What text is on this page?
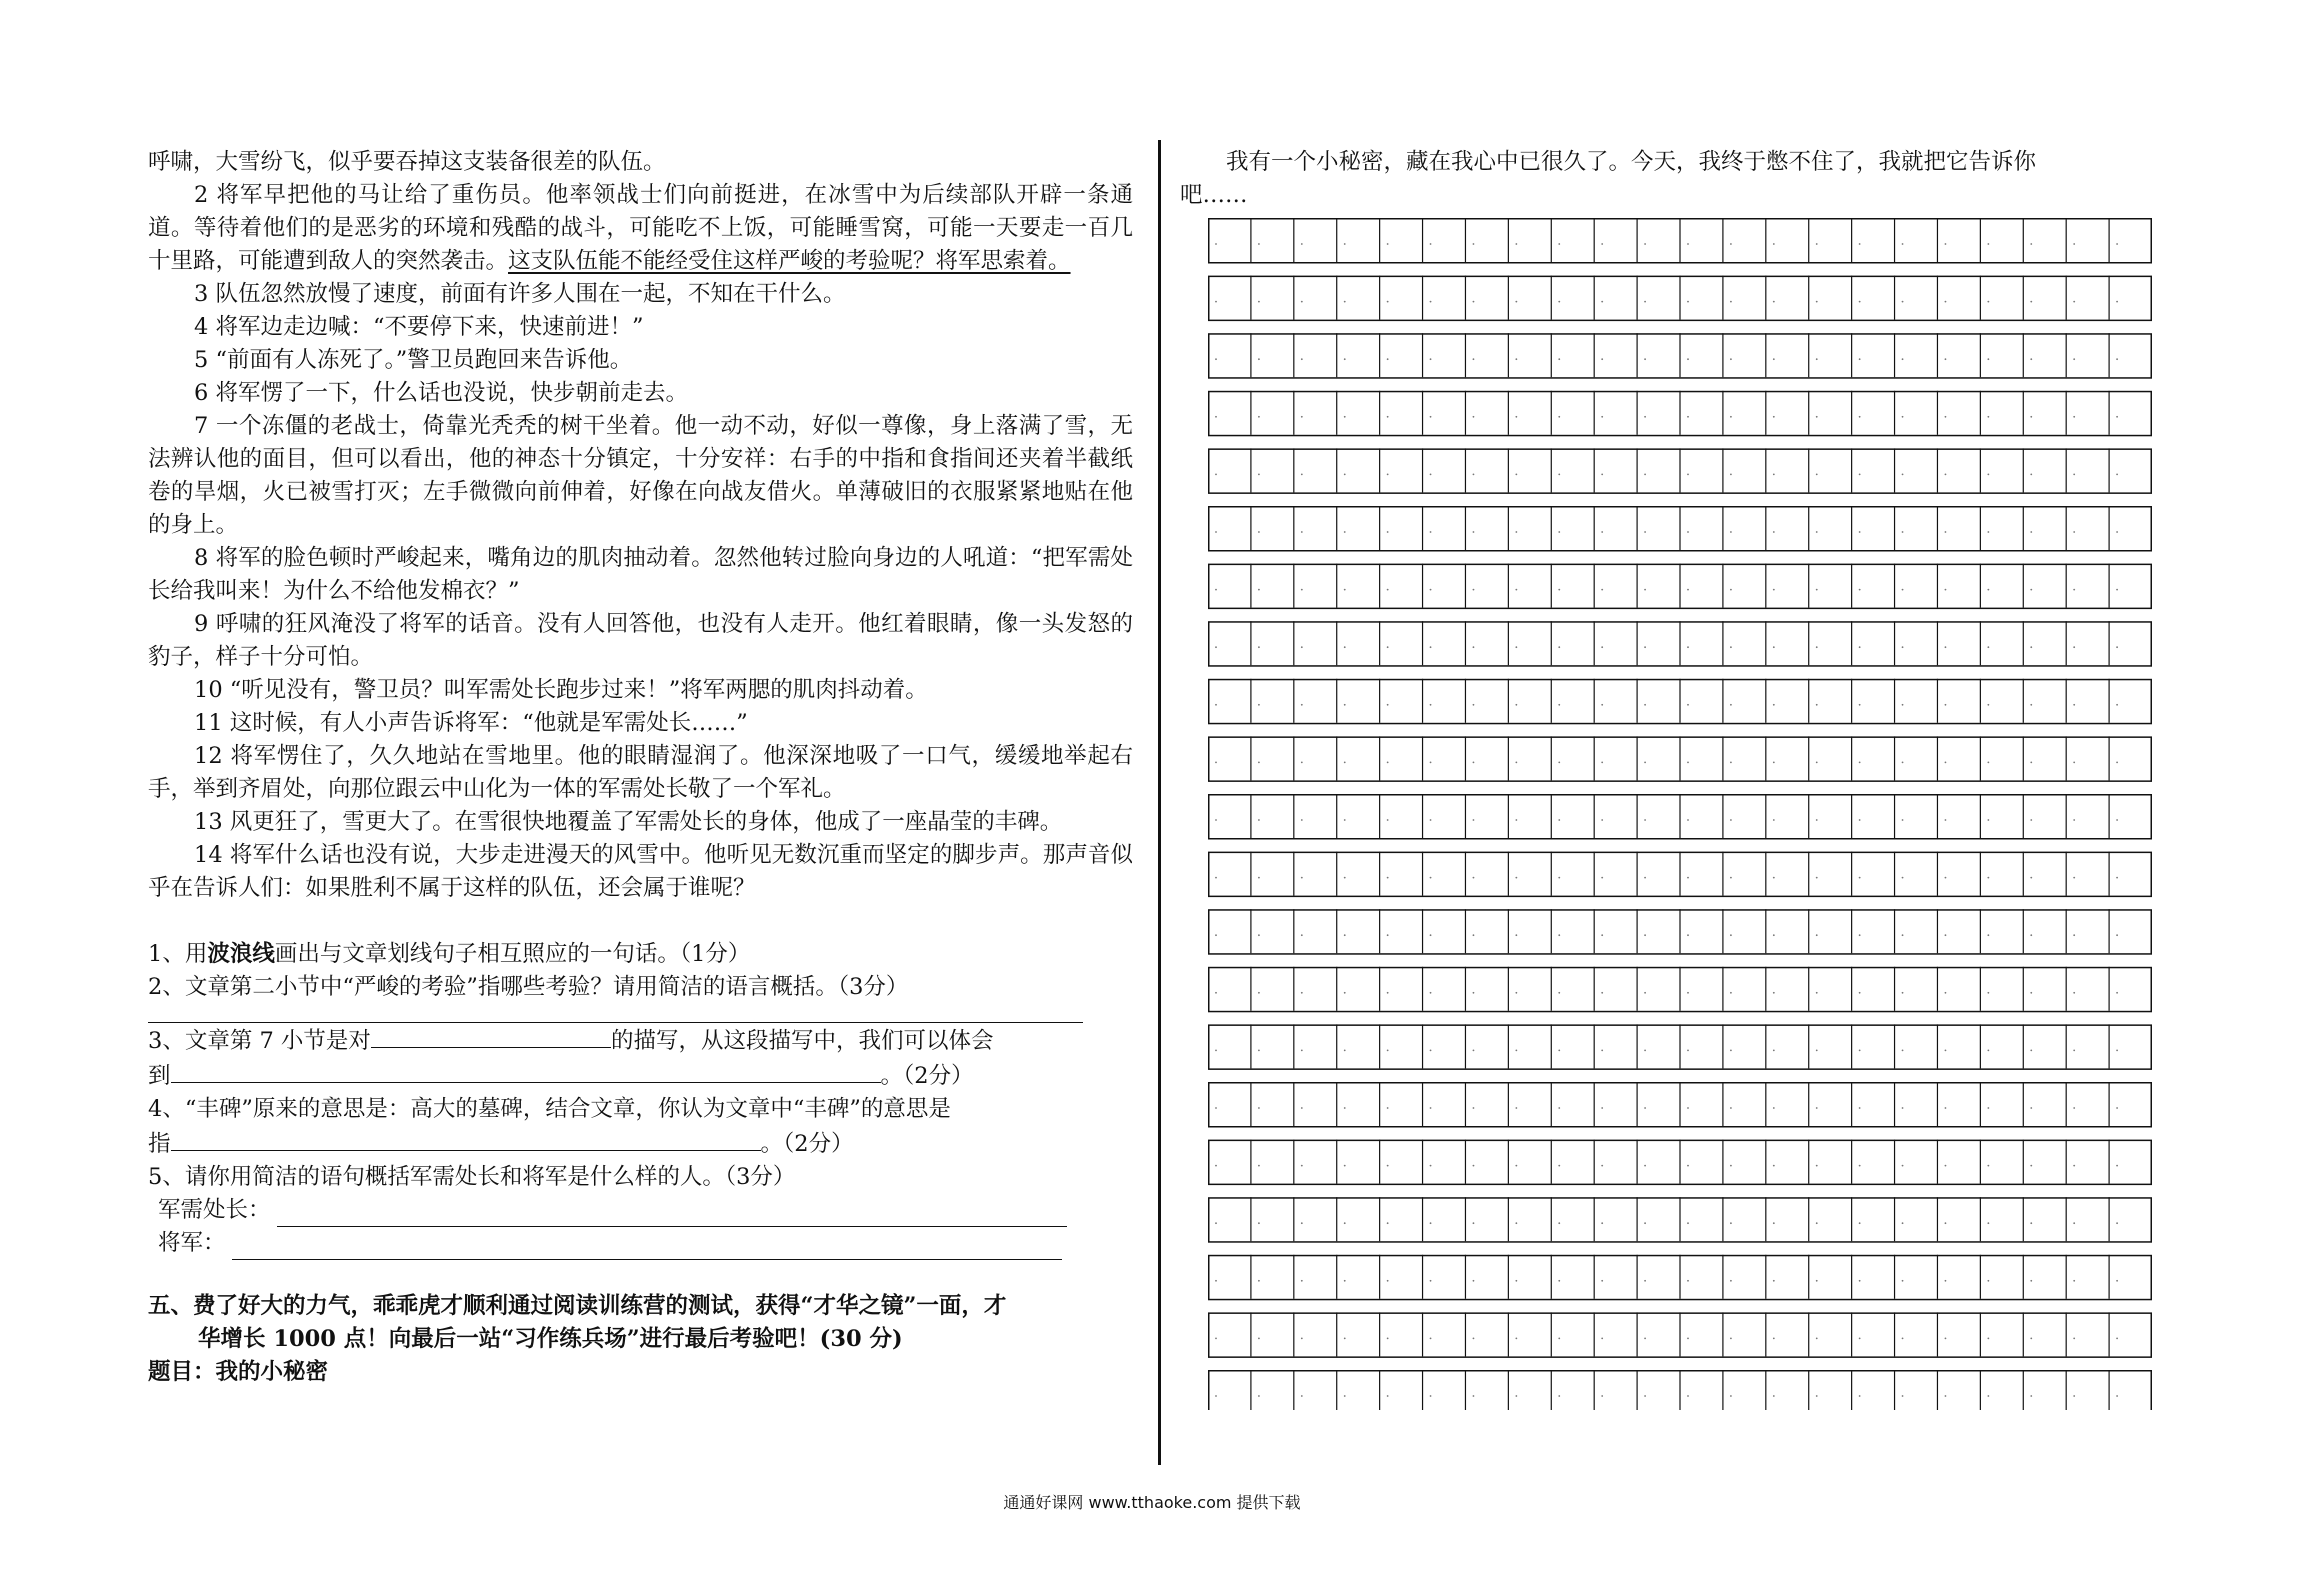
呼啸，大雪纷飞，似乎要吞掉这支装备很差的队伍。

2 将军早把他的马让给了重伤员。他率领战士们向前挺进，在冰雪中为后续部队开辟一条通道。等待着他们的是恶劣的环境和残酷的战斗，可能吃不上饭，可能睡雪窝，可能一天要走一百几十里路，可能遭到敌人的突然袭击。这支队伍能不能经受住这样严峻的考验呢？将军思索着。

3 队伍忽然放慢了速度，前面有许多人围在一起，不知在干什么。

4 将军边走边喊：“不要停下来，快速前进！”

5 “前面有人冻死了。”警卫员跑回来告诉他。

6 将军愣了一下，什么话也没说，快步朝前走去。

7 一个冻僵的老战士，倚靠光秃秃的树干坐着。他一动不动，好似一尊像，身上落满了雪，无法辨认他的面目，但可以看出，他的神态十分镇定，十分安祥：右手的中指和食指间还夹着半截纸卷的旱烟，火已被雪打灭；左手微微向前伸着，好像在向战友借火。单薄破旧的衣服紧紧地贴在他的身上。

8 将军的脸色顿时严峻起来，嘴角边的肌肉抽动着。忽然他转过脸向身边的人吼道：“把军需处长给我叫来！为什么不给他发棉衣？”

9 呼啸的狂风淹没了将军的话音。没有人回答他，也没有人走开。他红着眼睛，像一头发怒的豹子，样子十分可怕。

10 “听见没有，警卫员？叫军需处长跑步过来！”将军两腮的肌肉抖动着。

11 这时候，有人小声告诉将军：“他就是军需处长……”

12 将军愣住了，久久地站在雪地里。他的眼睛湿润了。他深深地吸了一口气，缓缓地举起右手，举到齐眉处，向那位跟云中山化为一体的军需处长敬了一个军礼。

13 风更狂了，雪更大了。在雪很快地覆盖了军需处长的身体，他成了一座晶莹的丰碑。

14 将军什么话也没有说，大步走进漫天的风雪中。他听见无数沉重而坚定的脚步声。那声音似乎在告诉人们：如果胜利不属于这样的队伍，还会属于谁呢？

1、用波浪线画出与文章划线句子相互照应的一句话。（1分）

2、文章第二小节中“严峻的考验”指哪些考验？请用简洁的语言概括。（3分）

3、文章第 7 小节是对	的描写，从这段描写中，我们可以体会

到	。（2分）

4、“丰碑”原来的意思是：高大的墓碑，结合文章，你认为文章中“丰碑”的意思是

指	。（2分）

5、请你用简洁的语句概括军需处长和将军是什么样的人。（3分）

军需处长：
将军：

五、费了好大的力气，乖乖虎才顺利通过阅读训练营的测试，获得“才华之镜”一面，才

华增长 1000 点！向最后一站“习作练兵场”进行最后考验吧！(30 分)

题目：我的小秘密

我有一个小秘密，藏在我心中已很久了。今天，我终于憋不住了，我就把它告诉你

吧……

通通好课网 www.tthaoke.com 提供下载
